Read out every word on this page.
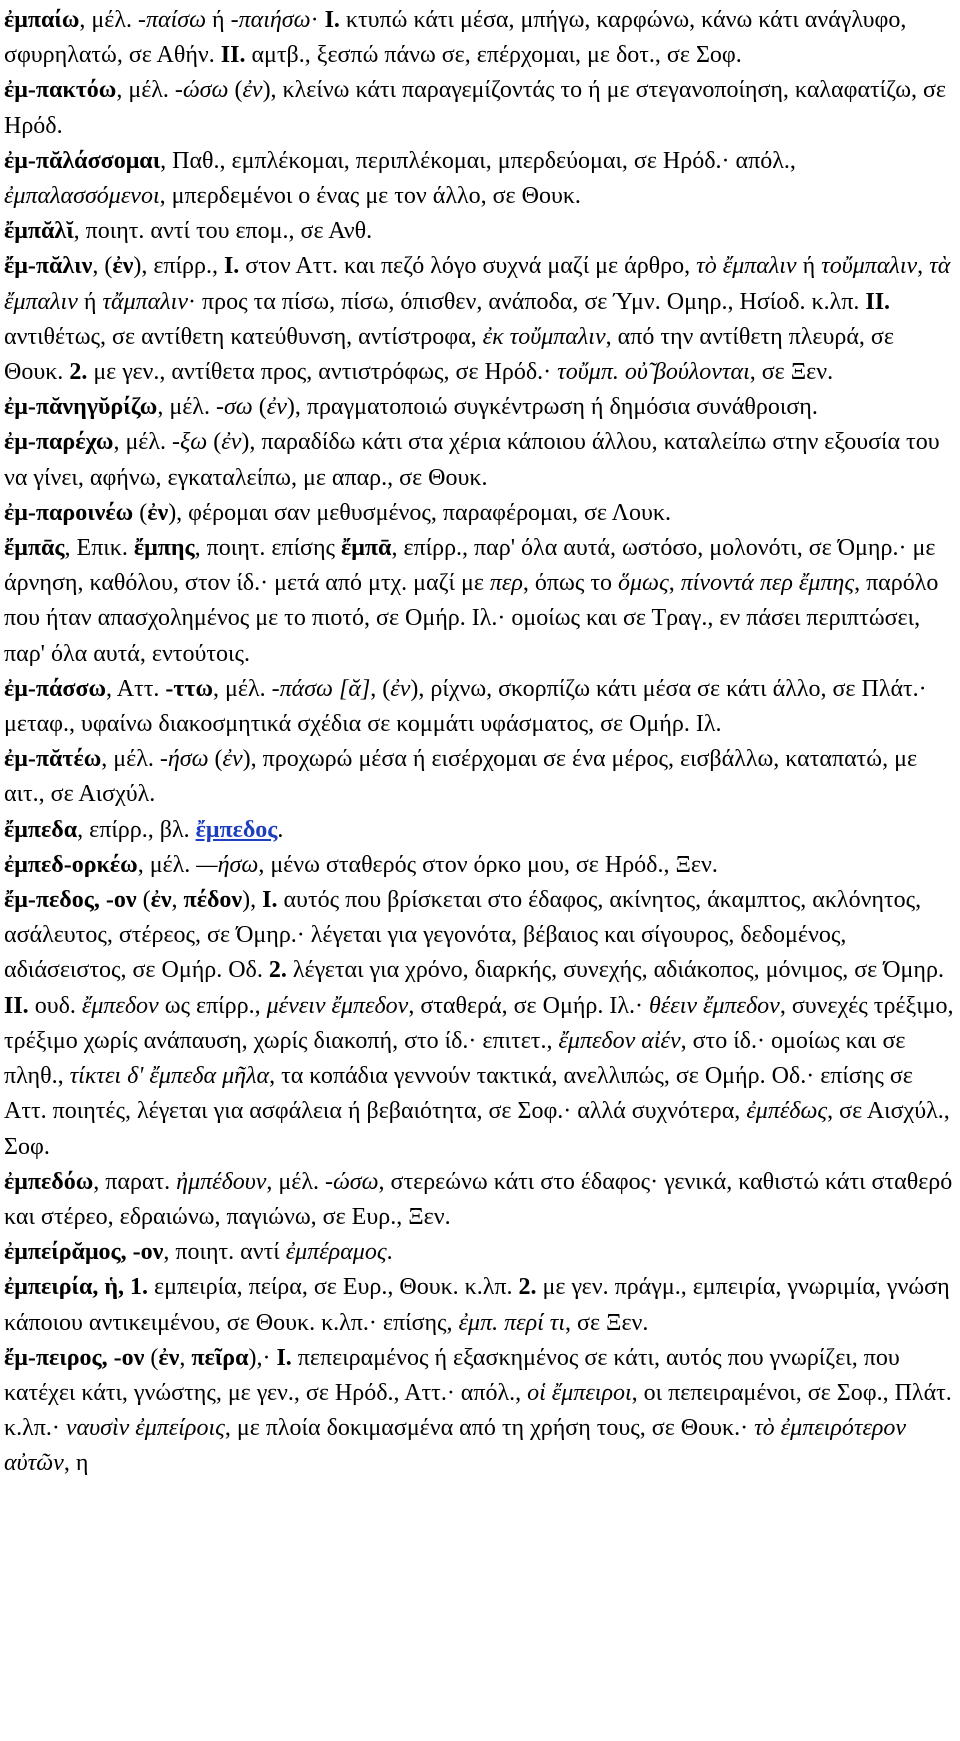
ἐμπαίω, μέλ. -παίσω ή -παιήσω· I. κτυπώ κάτι μέσα, μπήγω, καρφώνω, κάνω κάτι ανάγλυφο, σφυρηλατώ, σε Αθήν. II. αμτβ., ξεσπώ πάνω σε, επέρχομαι, με δοτ., σε Σοφ.

ἐμ-πακτόω, μέλ. -ώσω (ἐν), κλείνω κάτι παραγεμίζοντάς το ή με στεγανοποίηση, καλαφατίζω, σε Ηρόδ.

ἐμ-πᾰλάσσομαι, Παθ., εμπλέκομαι, περιπλέκομαι, μπερδεύομαι, σε Ηρόδ.· απόλ., ἐμπαλασσόμενοι, μπερδεμένοι ο ένας με τον άλλο, σε Θουκ.

ἔμπᾰλῐ, ποιητ. αντί του επομ., σε Ανθ.

ἔμ-πᾰλιν, (ἐν), επίρρ., I. στον Αττ. και πεζό λόγο συχνά μαζί με άρθρο, τὸ ἔμπαλιν ή τοὔμπαλιν, τὰ ἔμπαλιν ή τἄμπαλιν· προς τα πίσω, πίσω, όπισθεν, ανάποδα, σε Ύμν. Ομηρ., Ησίοδ. κ.λπ. II. αντιθέτως, σε αντίθετη κατεύθυνση, αντίστροφα, ἐκ τοὔμπαλιν, από την αντίθετη πλευρά, σε Θουκ. 2. με γεν., αντίθετα προς, αντιστρόφως, σε Ηρόδ.· τοὔμπ. οὐ̃ βούλονται, σε Ξεν.

ἐμ-πᾰνηγῠρίζω, μέλ. -σω (ἐν), πραγματοποιώ συγκέντρωση ή δημόσια συνάθροιση.

ἐμ-παρέχω, μέλ. -ξω (ἐν), παραδίδω κάτι στα χέρια κάποιου άλλου, καταλείπω στην εξουσία του να γίνει, αφήνω, εγκαταλείπω, με απαρ., σε Θουκ.

ἐμ-παροινέω (ἐν), φέρομαι σαν μεθυσμένος, παραφέρομαι, σε Λουκ.

ἔμπᾱς, Επικ. ἔμπης, ποιητ. επίσης ἔμπᾱ, επίρρ., παρ' όλα αυτά, ωστόσο, μολονότι, σε Όμηρ.· με άρνηση, καθόλου, στον ίδ.· μετά από μτχ. μαζί με περ, όπως το ὅμως, πίνοντά περ ἔμπης, παρόλο που ήταν απασχολημένος με το πιοτό, σε Ομήρ. Ιλ.· ομοίως και σε Τραγ., εν πάσει περιπτώσει, παρ' όλα αυτά, εντούτοις.

ἐμ-πάσσω, Αττ. -ττω, μέλ. -πάσω [ᾰ], (ἐν), ρίχνω, σκορπίζω κάτι μέσα σε κάτι άλλο, σε Πλάτ.· μεταφ., υφαίνω διακοσμητικά σχέδια σε κομμάτι υφάσματος, σε Ομήρ. Ιλ.

ἐμ-πᾰτέω, μέλ. -ήσω (ἐν), προχωρώ μέσα ή εισέρχομαι σε ένα μέρος, εισβάλλω, καταπατώ, με αιτ., σε Αισχύλ.

ἔμπεδα, επίρρ., βλ. ἔμπεδος.

ἐμπεδ-ορκέω, μέλ. —ήσω, μένω σταθερός στον όρκο μου, σε Ηρόδ., Ξεν.

ἔμ-πεδος, -ον (ἐν, πέδον), I. αυτός που βρίσκεται στο έδαφος, ακίνητος, άκαμπτος, ακλόνητος, ασάλευτος, στέρεος, σε Όμηρ.· λέγεται για γεγονότα, βέβαιος και σίγουρος, δεδομένος, αδιάσειστος, σε Ομήρ. Οδ. 2. λέγεται για χρόνο, διαρκής, συνεχής, αδιάκοπος, μόνιμος, σε Όμηρ. II. ουδ. ἔμπεδον ως επίρρ., μένειν ἔμπεδον, σταθερά, σε Ομήρ. Ιλ.· θέειν ἔμπεδον, συνεχές τρέξιμο, τρέξιμο χωρίς ανάπαυση, χωρίς διακοπή, στο ίδ.· επιτετ., ἔμπεδον αἰέν, στο ίδ.· ομοίως και σε πληθ., τίκτει δ' ἔμπεδα μῆλα, τα κοπάδια γεννούν τακτικά, ανελλιπώς, σε Ομήρ. Οδ.· επίσης σε Αττ. ποιητές, λέγεται για ασφάλεια ή βεβαιότητα, σε Σοφ.· αλλά συχνότερα, ἐμπέδως, σε Αισχύλ., Σοφ.

ἐμπεδόω, παρατ. ἠμπέδουν, μέλ. -ώσω, στερεώνω κάτι στο έδαφος· γενικά, καθιστώ κάτι σταθερό και στέρεο, εδραιώνω, παγιώνω, σε Ευρ., Ξεν.

ἐμπείρᾰμος, -ον, ποιητ. αντί ἐμπέραμος.

ἐμπειρία, ἡ, 1. εμπειρία, πείρα, σε Ευρ., Θουκ. κ.λπ. 2. με γεν. πράγμ., εμπειρία, γνωριμία, γνώση κάποιου αντικειμένου, σε Θουκ. κ.λπ.· επίσης, ἐμπ. περί τι, σε Ξεν.

ἔμ-πειρος, -ον (ἐν, πεῖρα),· I. πεπειραμένος ή εξασκημένος σε κάτι, αυτός που γνωρίζει, που κατέχει κάτι, γνώστης, με γεν., σε Ηρόδ., Αττ.· απόλ., οἱ ἔμπειροι, οι πεπειραμένοι, σε Σοφ., Πλάτ. κ.λπ.· ναυσὶν ἐμπείροις, με πλοία δοκιμασμένα από τη χρήση τους, σε Θουκ.· τὸ ἐμπειρότερον αὐτῶν, η
